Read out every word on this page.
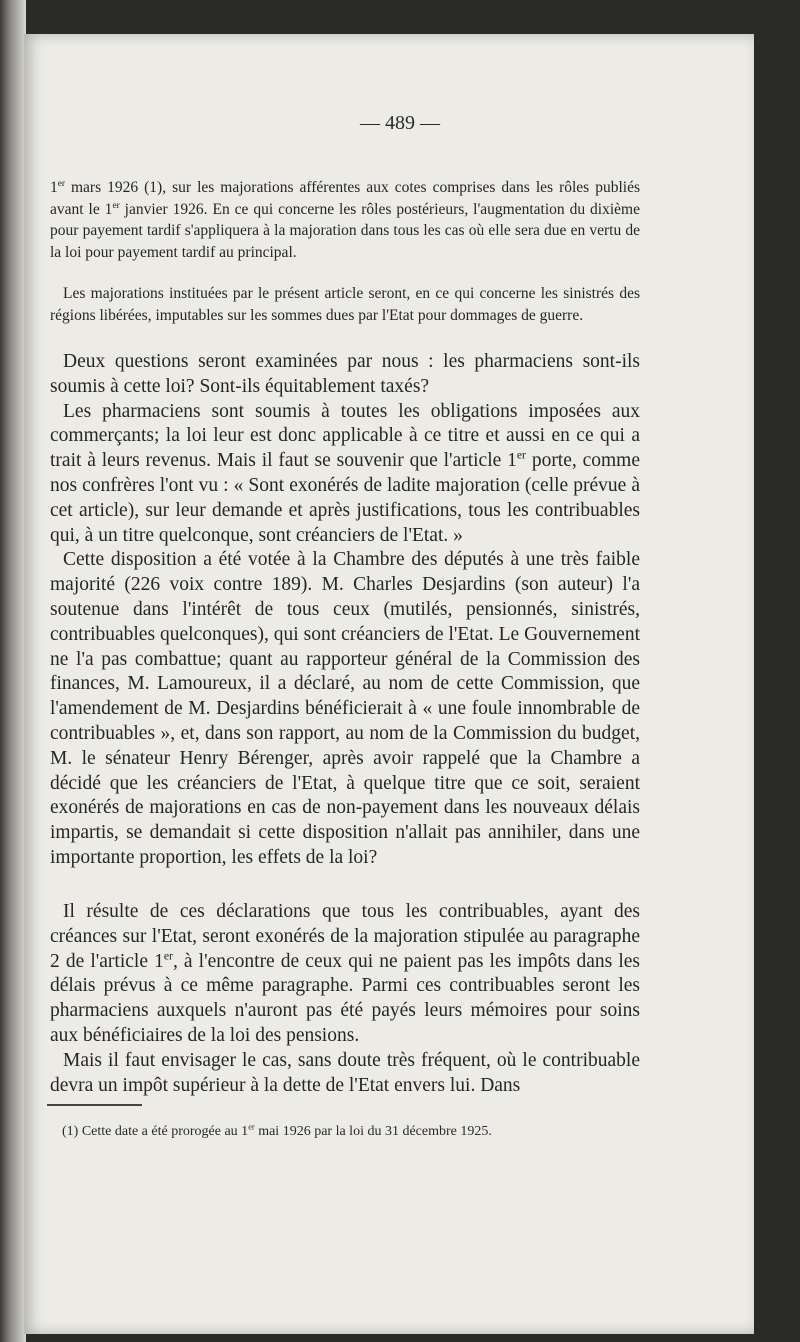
— 489 —

1er mars 1926 (1), sur les majorations afférentes aux cotes comprises dans les rôles publiés avant le 1er janvier 1926. En ce qui concerne les rôles postérieurs, l'augmentation du dixième pour payement tardif s'appliquera à la majoration dans tous les cas où elle sera due en vertu de la loi pour payement tardif au principal.

Les majorations instituées par le présent article seront, en ce qui concerne les sinistrés des régions libérées, imputables sur les sommes dues par l'Etat pour dommages de guerre.

Deux questions seront examinées par nous : les pharmaciens sont-ils soumis à cette loi? Sont-ils équitablement taxés?

Les pharmaciens sont soumis à toutes les obligations imposées aux commerçants; la loi leur est donc applicable à ce titre et aussi en ce qui a trait à leurs revenus. Mais il faut se souvenir que l'article 1er porte, comme nos confrères l'ont vu : « Sont exonérés de ladite majoration (celle prévue à cet article), sur leur demande et après justifications, tous les contribuables qui, à un titre quelconque, sont créanciers de l'Etat. »

Cette disposition a été votée à la Chambre des députés à une très faible majorité (226 voix contre 189). M. Charles Desjardins (son auteur) l'a soutenue dans l'intérêt de tous ceux (mutilés, pensionnés, sinistrés, contribuables quelconques), qui sont créanciers de l'Etat. Le Gouvernement ne l'a pas combattue; quant au rapporteur général de la Commission des finances, M. Lamoureux, il a déclaré, au nom de cette Commission, que l'amendement de M. Desjardins bénéficierait à « une foule innombrable de contribuables », et, dans son rapport, au nom de la Commission du budget, M. le sénateur Henry Bérenger, après avoir rappelé que la Chambre a décidé que les créanciers de l'Etat, à quelque titre que ce soit, seraient exonérés de majorations en cas de non-payement dans les nouveaux délais impartis, se demandait si cette disposition n'allait pas annihiler, dans une importante proportion, les effets de la loi?

Il résulte de ces déclarations que tous les contribuables, ayant des créances sur l'Etat, seront exonérés de la majoration stipulée au paragraphe 2 de l'article 1er, à l'encontre de ceux qui ne paient pas les impôts dans les délais prévus à ce même paragraphe. Parmi ces contribuables seront les pharmaciens auxquels n'auront pas été payés leurs mémoires pour soins aux bénéficiaires de la loi des pensions.

Mais il faut envisager le cas, sans doute très fréquent, où le contribuable devra un impôt supérieur à la dette de l'Etat envers lui. Dans

(1) Cette date a été prorogée au 1er mai 1926 par la loi du 31 décembre 1925.
